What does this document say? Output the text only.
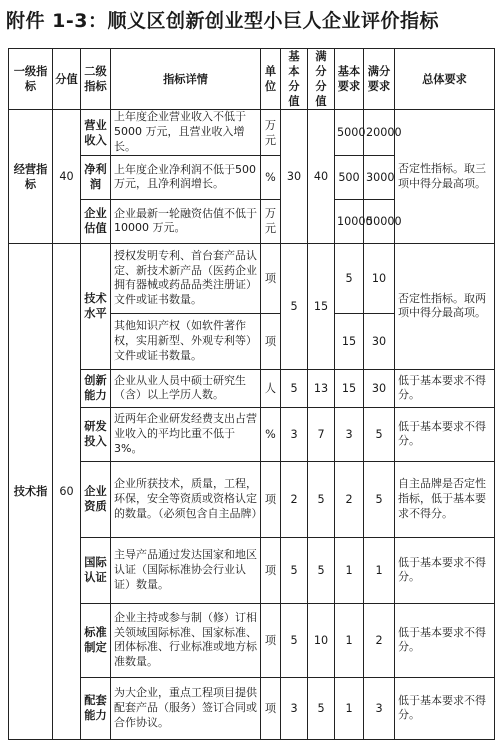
附件 1-3：顺义区创新创业型小巨人企业评价指标
一级指标	分值	二级指标	指标详情	单位	基本分值	满分分值	基本要求	满分要求	总体要求
经营指标	40	营业收入	上年度企业营业收入不低于5000 万元，且营业收入增长。	万元	30	40	5000	20000	否定性指标。取三项中得分最高项。
		净利润	上年度企业净利润不低于500 万元，且净利润增长。	%			500	3000	
		企业估值	企业最新一轮融资估值不低于 10000 万元。	万元			10000	50000	
技术指	60	技术水平	授权发明专利、首台套产品认定、新技术新产品（医药企业拥有器械或药品品类注册证）文件或证书数量。	项	5	15	5	10	否定性指标。取两项中得分最高项。
			其他知识产权（如软件著作权，实用新型、外观专利等）文件或证书数量。	项			15	30	
		创新能力	企业从业人员中硕士研究生（含）以上学历人数。	人	5	13	15	30	低于基本要求不得分。
		研发投入	近两年企业研发经费支出占营业收入的平均比重不低于3%。	%	3	7	3	5	低于基本要求不得分。
		企业资质	企业所获技术，质量，工程，环保，安全等资质或资格认定的数量。（必须包含自主品牌）	项	2	5	2	5	自主品牌是否定性指标，低于基本要求不得分。
		国际认证	主导产品通过发达国家和地区认证（国际标准协会行业认证）数量。	项	5	5	1	1	低于基本要求不得分。
		标准制定	企业主持或参与制（修）订相关领域国际标准、国家标准、团体标准、行业标准或地方标准数量。	项	5	10	1	2	低于基本要求不得分。
		配套能力	为大企业，重点工程项目提供配套产品（服务）签订合同或合作协议。	项	3	5	1	3	低于基本要求不得分。
